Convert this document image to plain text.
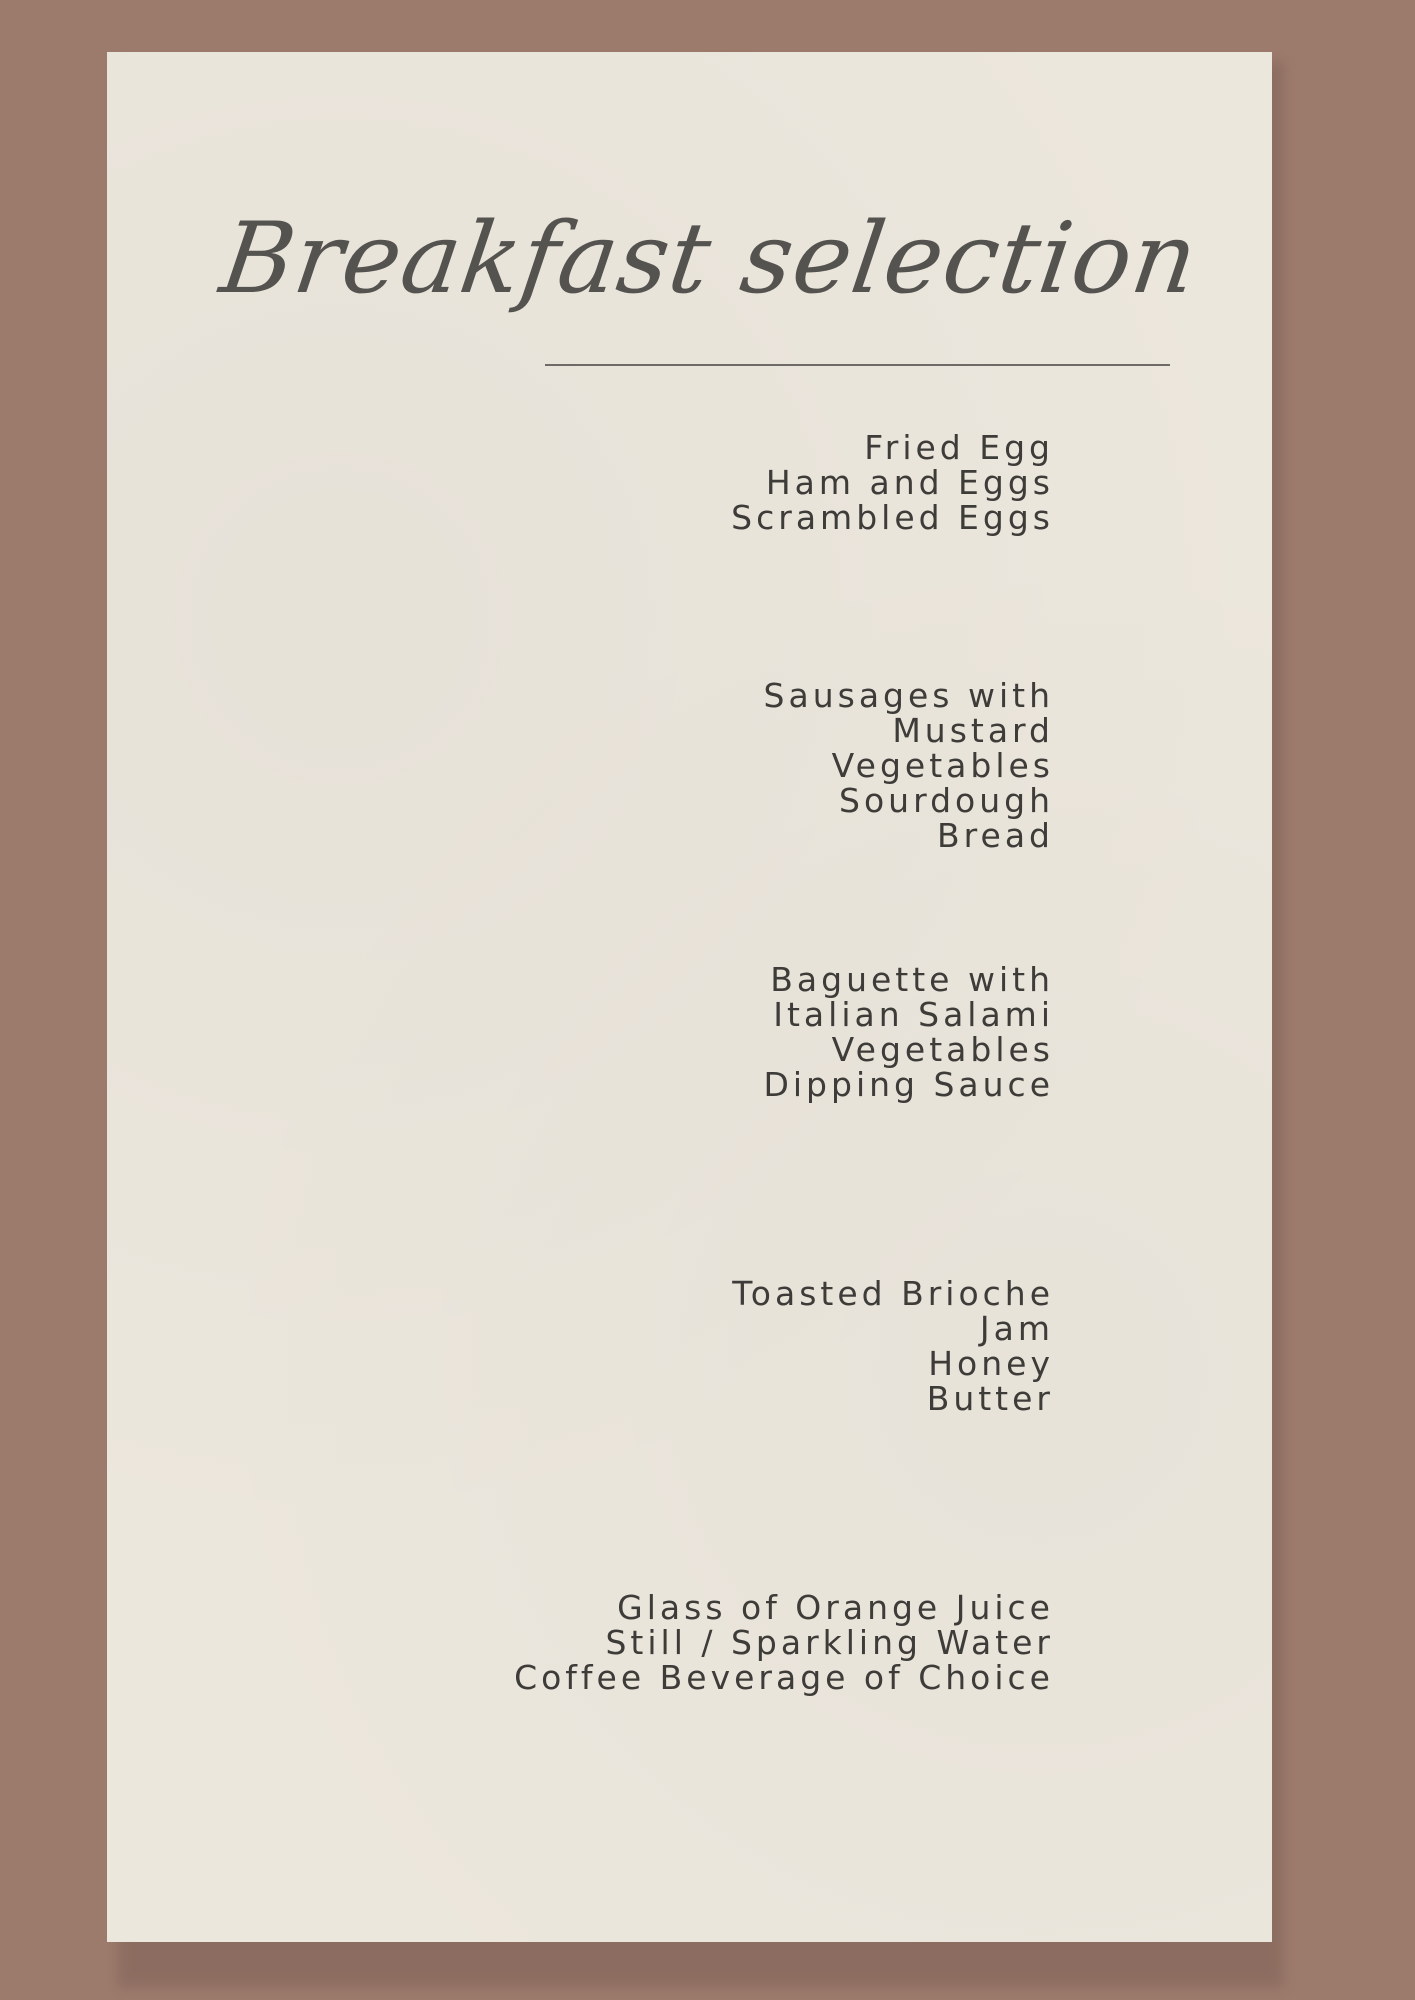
Breakfast selection
Fried Egg
Ham and Eggs
Scrambled Eggs
Sausages with
Mustard
Vegetables
Sourdough
Bread
Baguette with
Italian Salami
Vegetables
Dipping Sauce
Toasted Brioche
Jam
Honey
Butter
Glass of Orange Juice
Still / Sparkling Water
Coffee Beverage of Choice
